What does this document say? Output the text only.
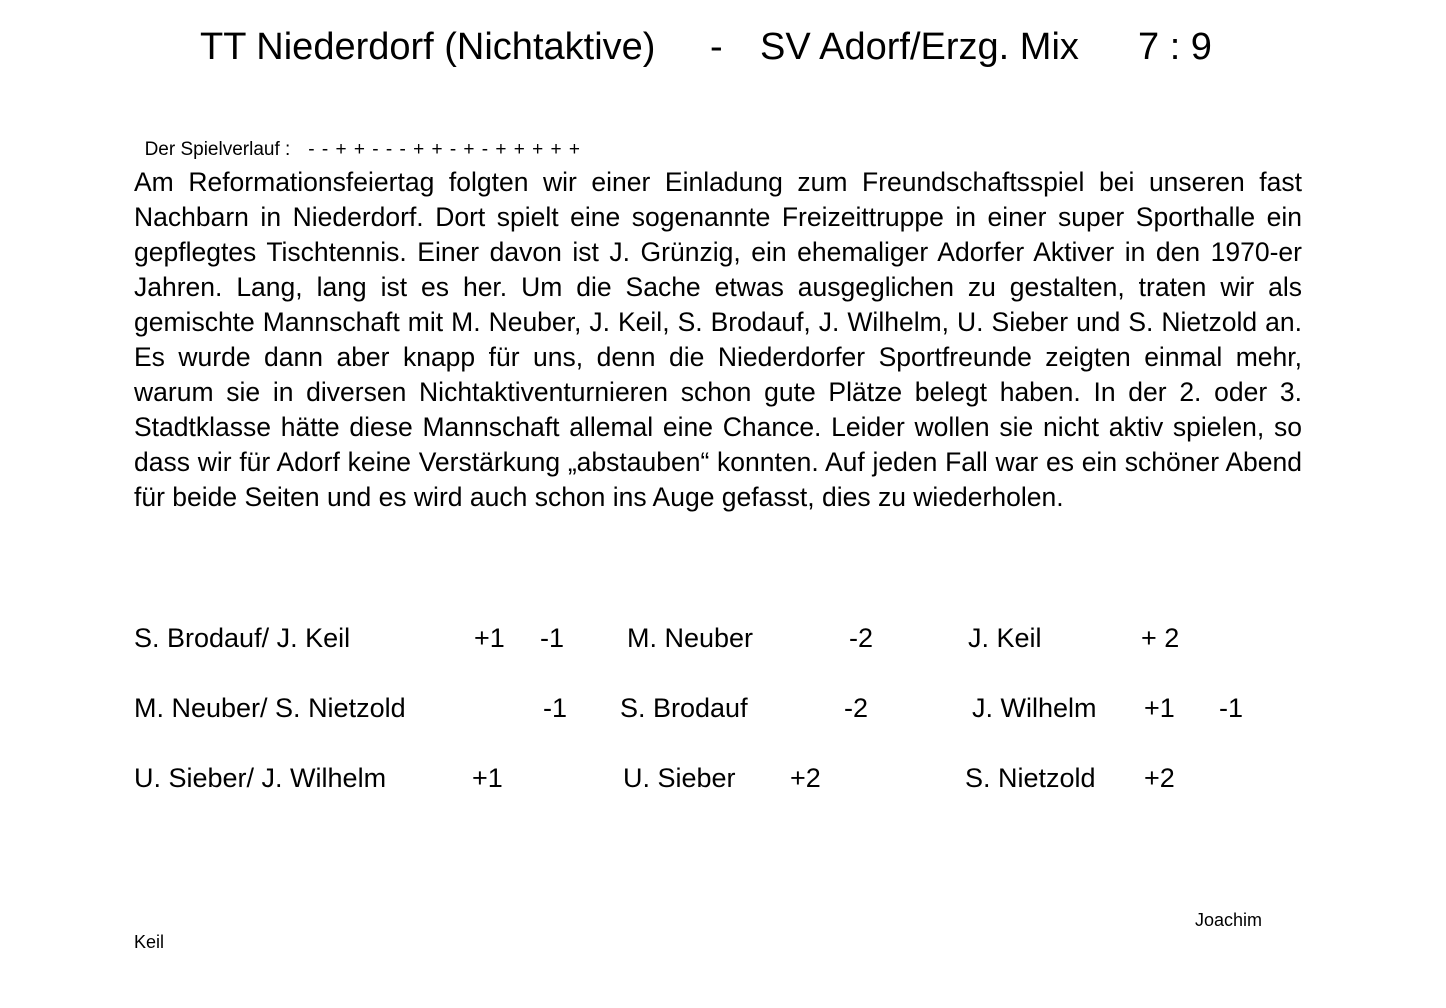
TT Niederdorf (Nichtaktive)

-

SV Adorf/Erzg. Mix

7 : 9

Der Spielverlauf : - - + + - - - + + - + - + + + + +

Am Reformationsfeiertag folgten wir einer Einladung zum Freundschaftsspiel bei unseren fast Nachbarn in Niederdorf. Dort spielt eine sogenannte Freizeittruppe in einer super Sporthalle ein gepflegtes Tischtennis. Einer davon ist J. Grünzig, ein ehemaliger Adorfer Aktiver in den 1970-er Jahren. Lang, lang ist es her. Um die Sache etwas ausgeglichen zu gestalten, traten wir als gemischte Mannschaft mit M. Neuber, J. Keil, S. Brodauf, J. Wilhelm, U. Sieber und S. Nietzold an. Es wurde dann aber knapp für uns, denn die Niederdorfer Sportfreunde zeigten einmal mehr, warum sie in diversen Nichtaktiventurnieren schon gute Plätze belegt haben. In der 2. oder 3. Stadtklasse hätte diese Mannschaft allemal eine Chance. Leider wollen sie nicht aktiv spielen, so dass wir für Adorf keine Verstärkung „abstauben“ konnten. Auf jeden Fall war es ein schöner Abend für beide Seiten und es wird auch schon ins Auge gefasst, dies zu wiederholen.

S. Brodauf/ J. Keil	+1 -1 M. Neuber	-2	J. Keil	+ 2
M. Neuber/ S. Nietzold	-1 S. Brodauf	-2	J. Wilhelm +1 -1
U. Sieber/ J. Wilhelm	+1	U. Sieber +2	S. Nietzold +2
Joachim
Keil
